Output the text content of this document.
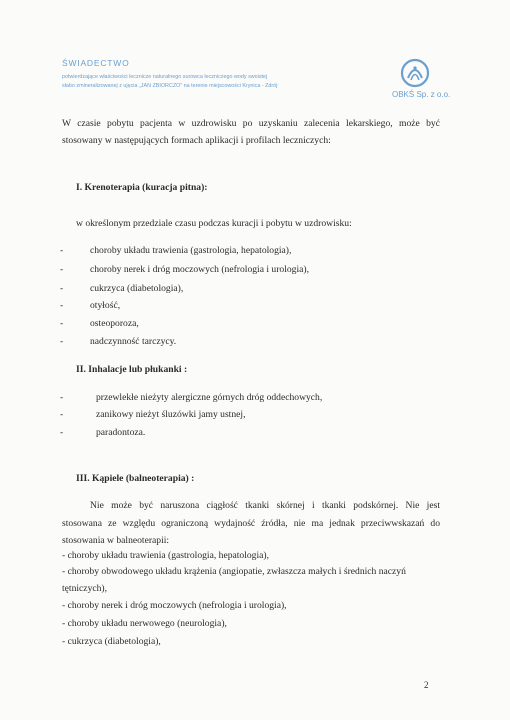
ŚWIADECTWO
potwierdzające właściwości lecznicze naturalnego surowca leczniczego wody swoistej
słabo zmineralizowanej z ujęcia „JAN ZBIORCZO” na terenie miejscowości Krynica - Zdrój
OBKŚ Sp. z o.o.
W czasie pobytu pacjenta w uzdrowisku po uzyskaniu zalecenia lekarskiego, może być
stosowany w następujących formach aplikacji i profilach leczniczych:
I. Krenoterapia (kuracja pitna):
w określonym przedziale czasu podczas kuracji i pobytu w uzdrowisku:
-	choroby układu trawienia (gastrologia, hepatologia),
-	choroby nerek i dróg moczowych (nefrologia i urologia),
-	cukrzyca (diabetologia),
-	otyłość,
-	osteoporoza,
-	nadczynność tarczycy.
II. Inhalacje lub płukanki :
-	przewlekłe nieżyty alergiczne górnych dróg oddechowych,
-	zanikowy nieżyt śluzówki jamy ustnej,
-	paradontoza.
III. Kąpiele (balneoterapia) :
Nie może być naruszona ciągłość tkanki skórnej i tkanki podskórnej. Nie jest
stosowana ze względu ograniczoną wydajność źródła, nie ma jednak przeciwwskazań do
stosowania w balneoterapii:
- choroby układu trawienia (gastrologia, hepatologia),
- choroby obwodowego układu krążenia (angiopatie, zwłaszcza małych i średnich naczyń
tętniczych),
- choroby nerek i dróg moczowych (nefrologia i urologia),
- choroby układu nerwowego (neurologia),
- cukrzyca (diabetologia),
2
